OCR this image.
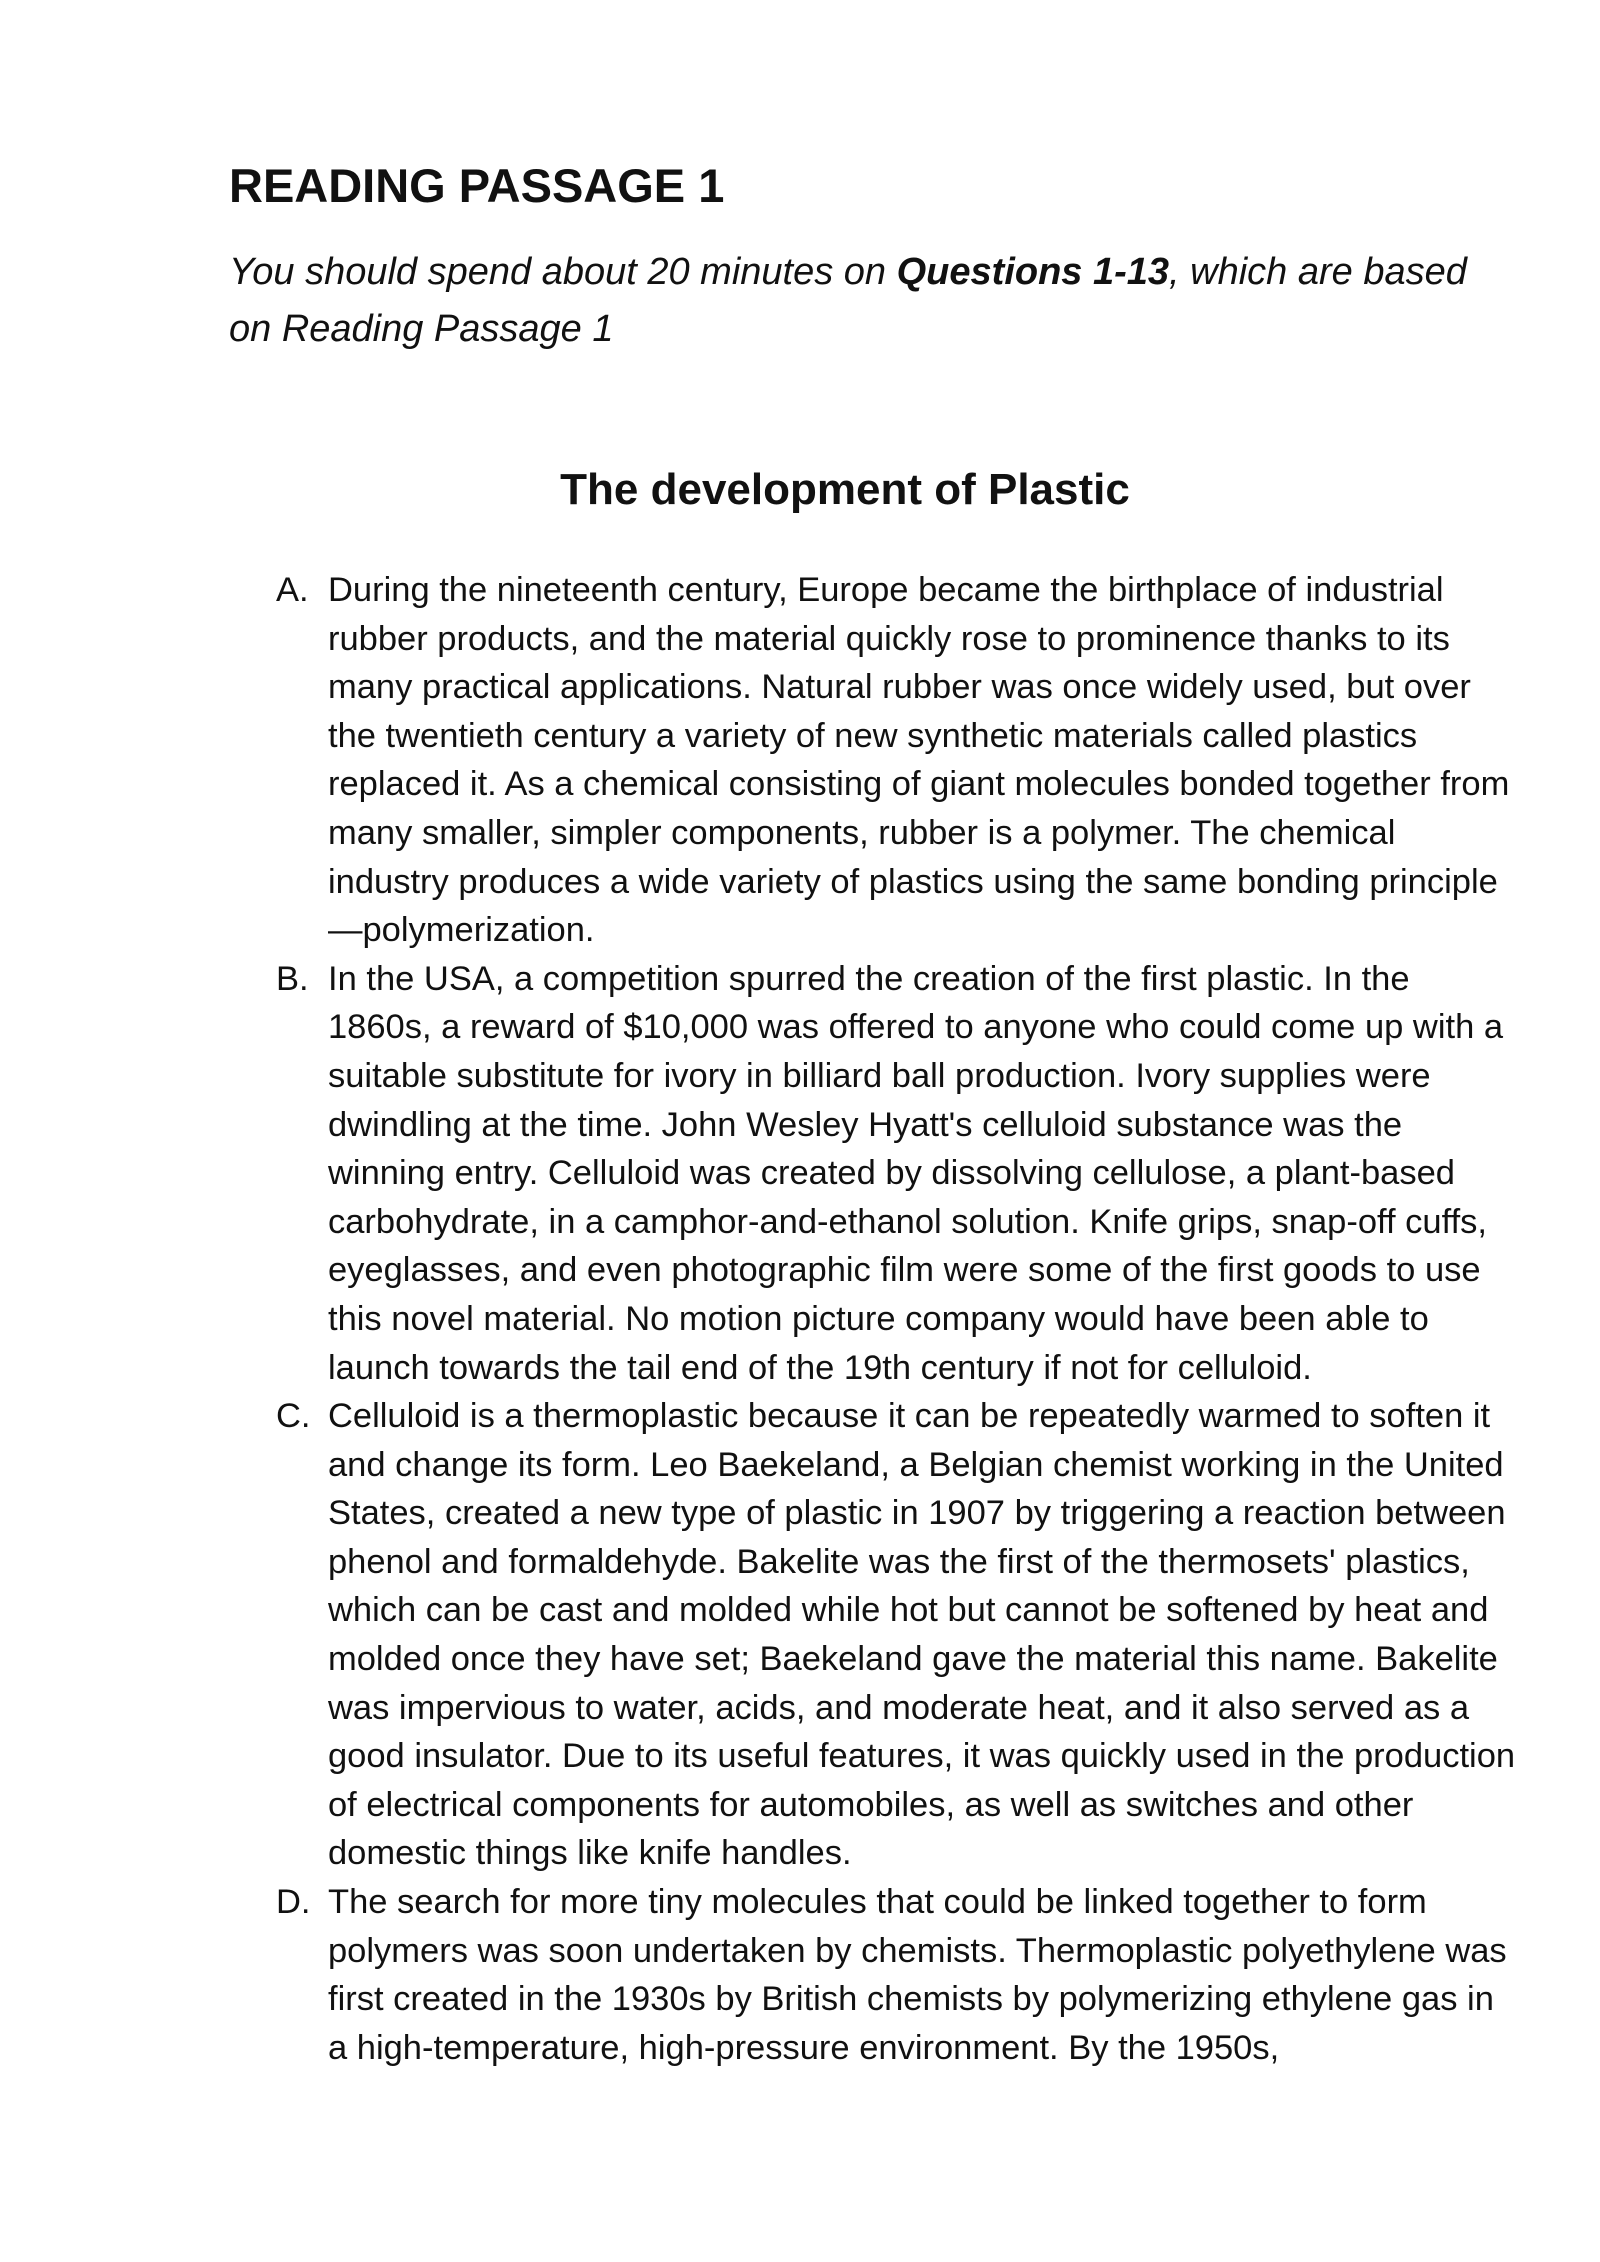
READING PASSAGE 1

You should spend about 20 minutes on Questions 1-13, which are based on Reading Passage 1

The development of Plastic
A. During the nineteenth century, Europe became the birthplace of industrial rubber products, and the material quickly rose to prominence thanks to its many practical applications. Natural rubber was once widely used, but over the twentieth century a variety of new synthetic materials called plastics replaced it. As a chemical consisting of giant molecules bonded together from many smaller, simpler components, rubber is a polymer. The chemical industry produces a wide variety of plastics using the same bonding principle—polymerization.
B. In the USA, a competition spurred the creation of the first plastic. In the 1860s, a reward of $10,000 was offered to anyone who could come up with a suitable substitute for ivory in billiard ball production. Ivory supplies were dwindling at the time. John Wesley Hyatt's celluloid substance was the winning entry. Celluloid was created by dissolving cellulose, a plant-based carbohydrate, in a camphor-and-ethanol solution. Knife grips, snap-off cuffs, eyeglasses, and even photographic film were some of the first goods to use this novel material. No motion picture company would have been able to launch towards the tail end of the 19th century if not for celluloid.
C. Celluloid is a thermoplastic because it can be repeatedly warmed to soften it and change its form. Leo Baekeland, a Belgian chemist working in the United States, created a new type of plastic in 1907 by triggering a reaction between phenol and formaldehyde. Bakelite was the first of the thermosets' plastics, which can be cast and molded while hot but cannot be softened by heat and molded once they have set; Baekeland gave the material this name. Bakelite was impervious to water, acids, and moderate heat, and it also served as a good insulator. Due to its useful features, it was quickly used in the production of electrical components for automobiles, as well as switches and other domestic things like knife handles.
D. The search for more tiny molecules that could be linked together to form polymers was soon undertaken by chemists. Thermoplastic polyethylene was first created in the 1930s by British chemists by polymerizing ethylene gas in a high-temperature, high-pressure environment. By the 1950s,
